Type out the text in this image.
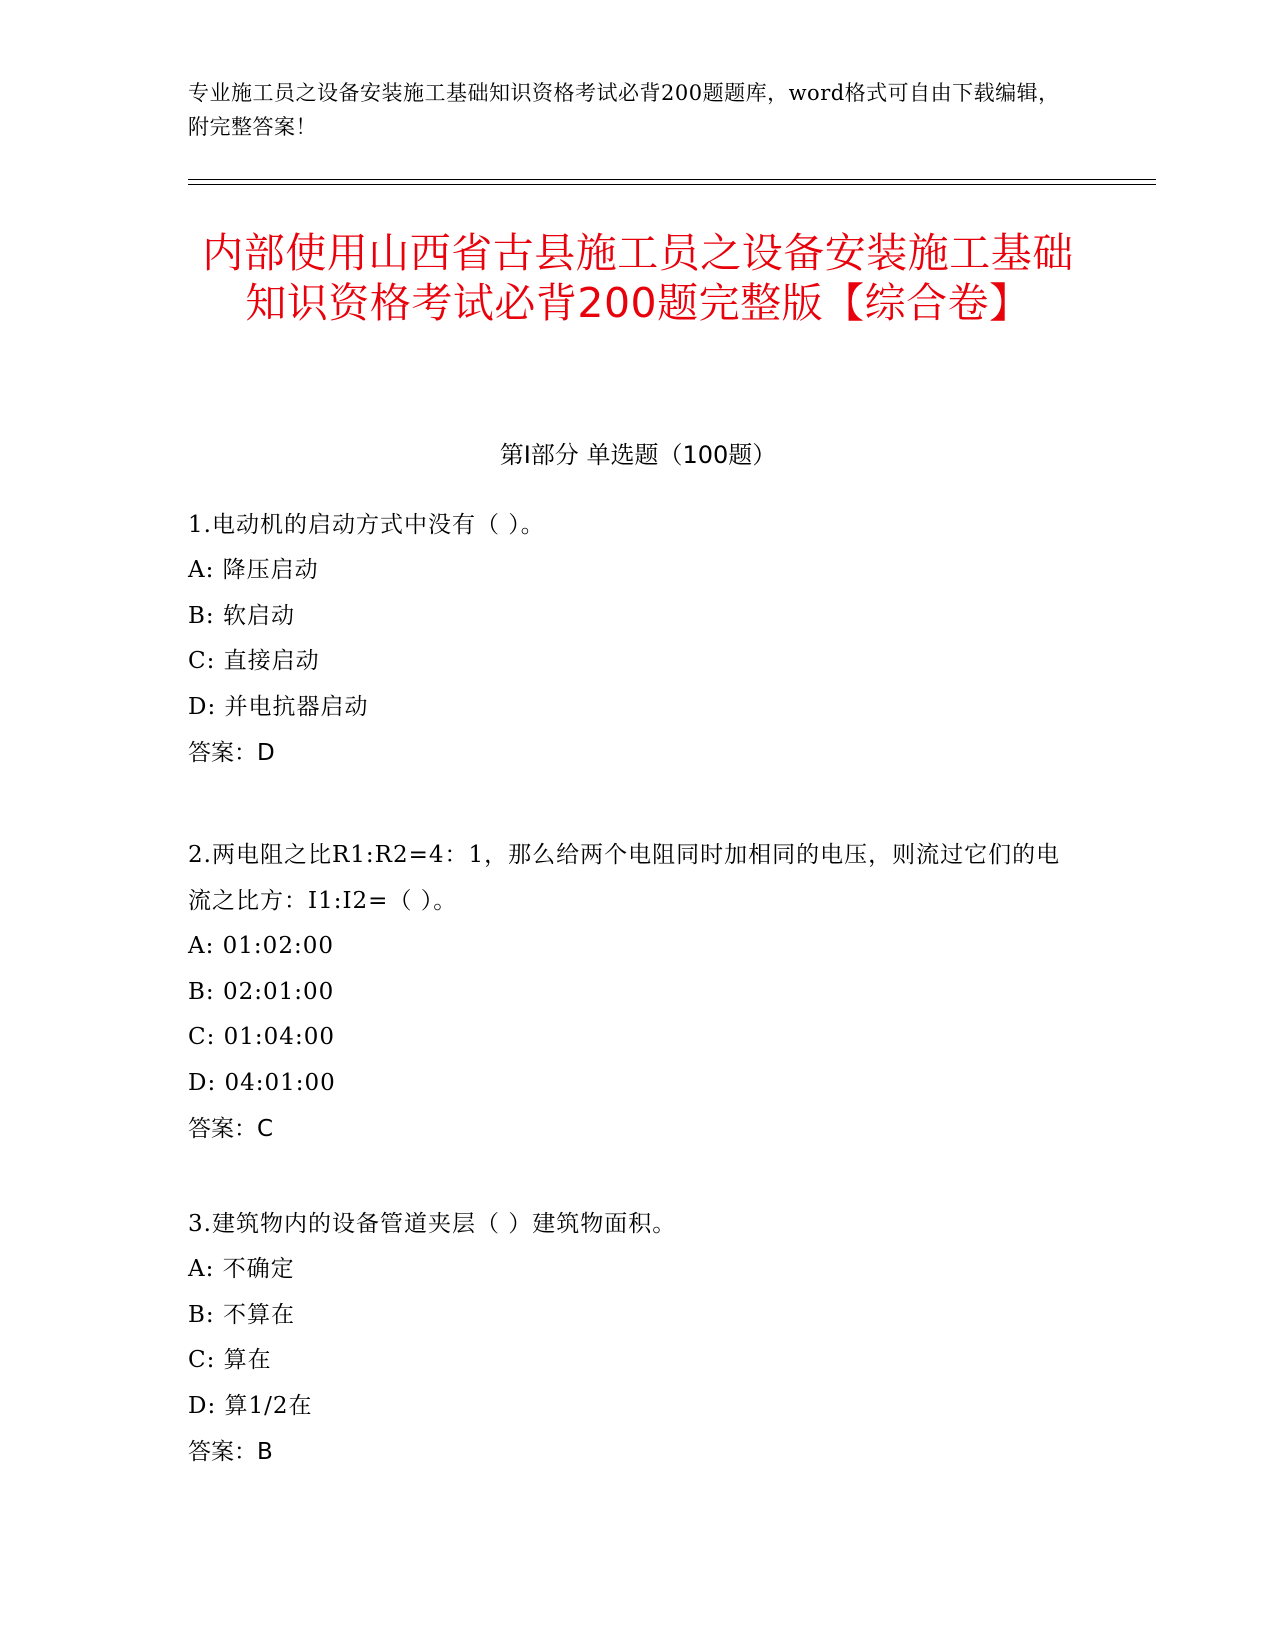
专业施工员之设备安装施工基础知识资格考试必背200题题库，word格式可自由下载编辑，附完整答案！
内部使用山西省古县施工员之设备安装施工基础知识资格考试必背200题完整版【综合卷】
第Ⅰ部分 单选题（100题）
1.电动机的启动方式中没有（ ）。
A: 降压启动
B: 软启动
C: 直接启动
D: 并电抗器启动
答案：D
2.两电阻之比R1:R2=4：1，那么给两个电阻同时加相同的电压，则流过它们的电流之比方：I1:I2=（ ）。
A: 01:02:00
B: 02:01:00
C: 01:04:00
D: 04:01:00
答案：C
3.建筑物内的设备管道夹层（ ）建筑物面积。
A: 不确定
B: 不算在
C: 算在
D: 算1/2在
答案：B
